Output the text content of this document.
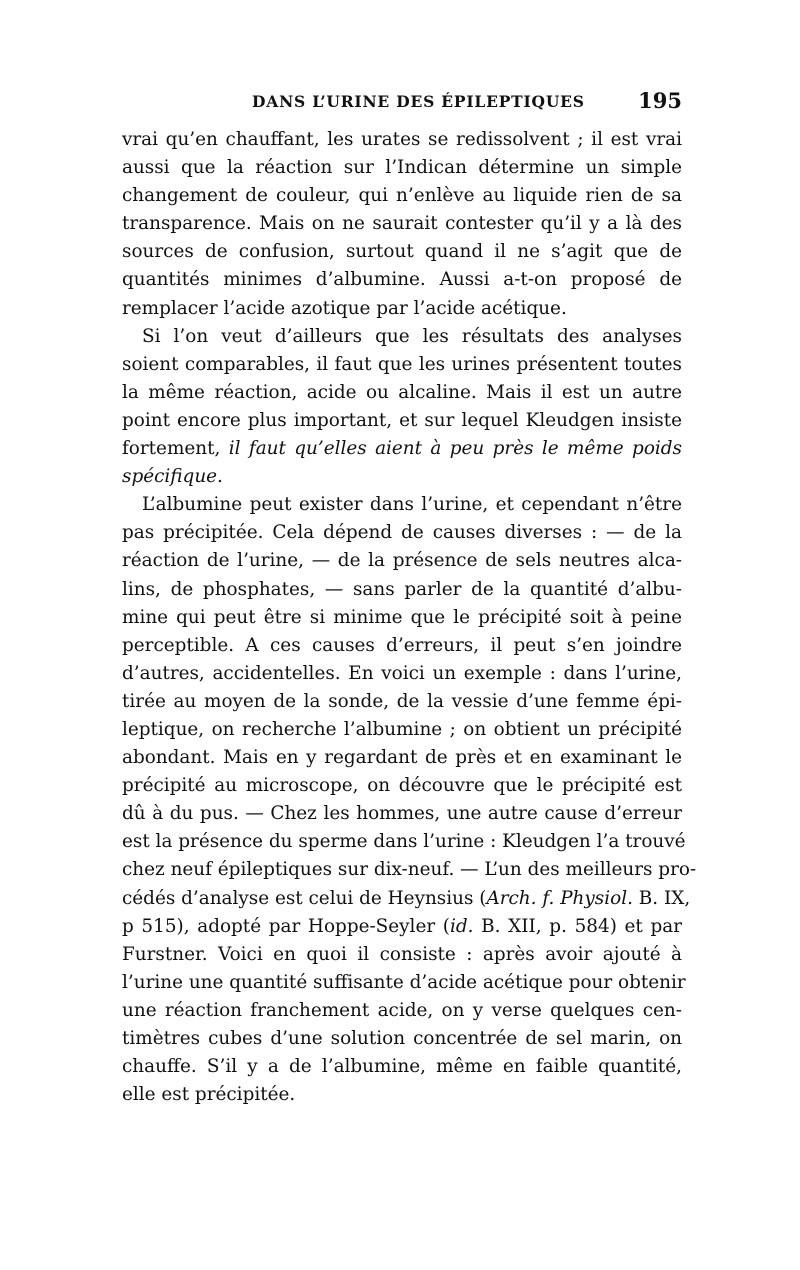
DANS L’URINE DES ÉPILEPTIQUES	195
vrai qu’en chauffant, les urates se redissolvent ; il est vrai
aussi que la réaction sur l’Indican détermine un simple
changement de couleur, qui n’enlève au liquide rien de sa
transparence. Mais on ne saurait contester qu’il y a là des
sources de confusion, surtout quand il ne s’agit que de
quantités minimes d’albumine. Aussi a-t-on proposé de
remplacer l’acide azotique par l’acide acétique.
Si l’on veut d’ailleurs que les résultats des analyses
soient comparables, il faut que les urines présentent toutes
la même réaction, acide ou alcaline. Mais il est un autre
point encore plus important, et sur lequel Kleudgen insiste
fortement, il faut qu’elles aient à peu près le même poids
spécifique.
L’albumine peut exister dans l’urine, et cependant n’être
pas précipitée. Cela dépend de causes diverses : — de la
réaction de l’urine, — de la présence de sels neutres alca-
lins, de phosphates, — sans parler de la quantité d’albu-
mine qui peut être si minime que le précipité soit à peine
perceptible. A ces causes d’erreurs, il peut s’en joindre
d’autres, accidentelles. En voici un exemple : dans l’urine,
tirée au moyen de la sonde, de la vessie d’une femme épi-
leptique, on recherche l’albumine ; on obtient un précipité
abondant. Mais en y regardant de près et en examinant le
précipité au microscope, on découvre que le précipité est
dû à du pus. — Chez les hommes, une autre cause d’erreur
est la présence du sperme dans l’urine : Kleudgen l’a trouvé
chez neuf épileptiques sur dix-neuf. — L’un des meilleurs pro-
cédés d’analyse est celui de Heynsius (Arch. f. Physiol. B. IX,
p 515), adopté par Hoppe-Seyler (id. B. XII, p. 584) et par
Furstner. Voici en quoi il consiste : après avoir ajouté à
l’urine une quantité suffisante d’acide acétique pour obtenir
une réaction franchement acide, on y verse quelques cen-
timètres cubes d’une solution concentrée de sel marin, on
chauffe. S’il y a de l’albumine, même en faible quantité,
elle est précipitée.
